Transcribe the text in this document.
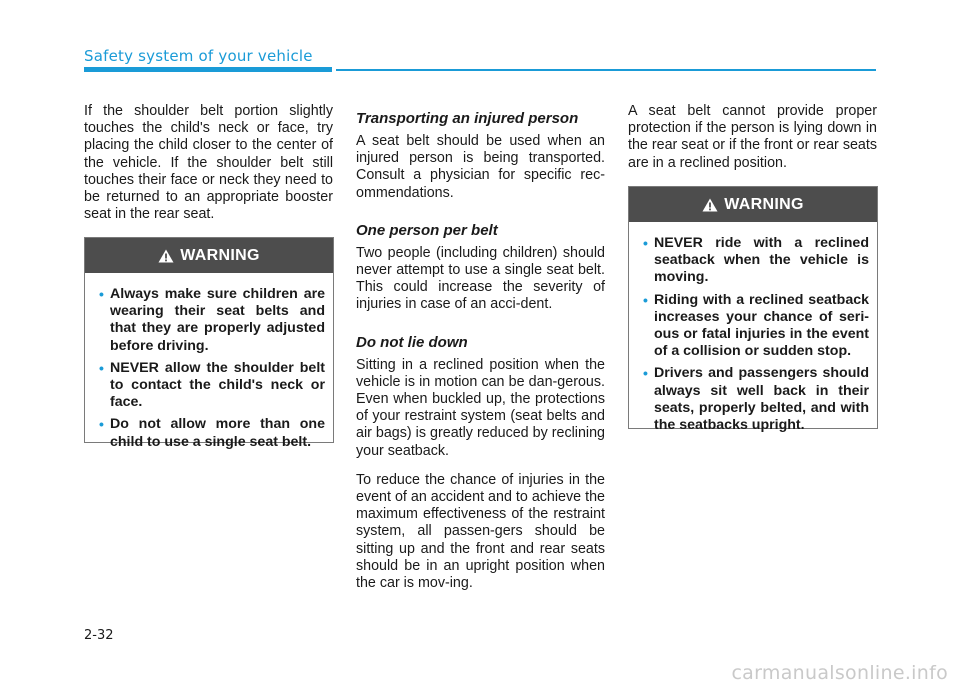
Safety system of your vehicle

If the shoulder belt portion slightly touches the child's neck or face, try placing the child closer to the center of the vehicle. If the shoulder belt still touches their face or neck they need to be returned to an appropriate booster seat in the rear seat.

WARNING
• Always make sure children are wearing their seat belts and that they are properly adjusted before driving.
• NEVER allow the shoulder belt to contact the child's neck or face.
• Do not allow more than one child to use a single seat belt.
Transporting an injured person

A seat belt should be used when an injured person is being transported. Consult a physician for specific rec-ommendations.

One person per belt

Two people (including children) should never attempt to use a single seat belt. This could increase the severity of injuries in case of an acci-dent.

Do not lie down

Sitting in a reclined position when the vehicle is in motion can be dan-gerous. Even when buckled up, the protections of your restraint system (seat belts and air bags) is greatly reduced by reclining your seatback.

To reduce the chance of injuries in the event of an accident and to achieve the maximum effectiveness of the restraint system, all passen-gers should be sitting up and the front and rear seats should be in an upright position when the car is mov-ing.

A seat belt cannot provide proper protection if the person is lying down in the rear seat or if the front or rear seats are in a reclined position.

WARNING
• NEVER ride with a reclined seatback when the vehicle is moving.
• Riding with a reclined seatback increases your chance of seri-ous or fatal injuries in the event of a collision or sudden stop.
• Drivers and passengers should always sit well back in their seats, properly belted, and with the seatbacks upright.
2-32
carmanualsonline.info
